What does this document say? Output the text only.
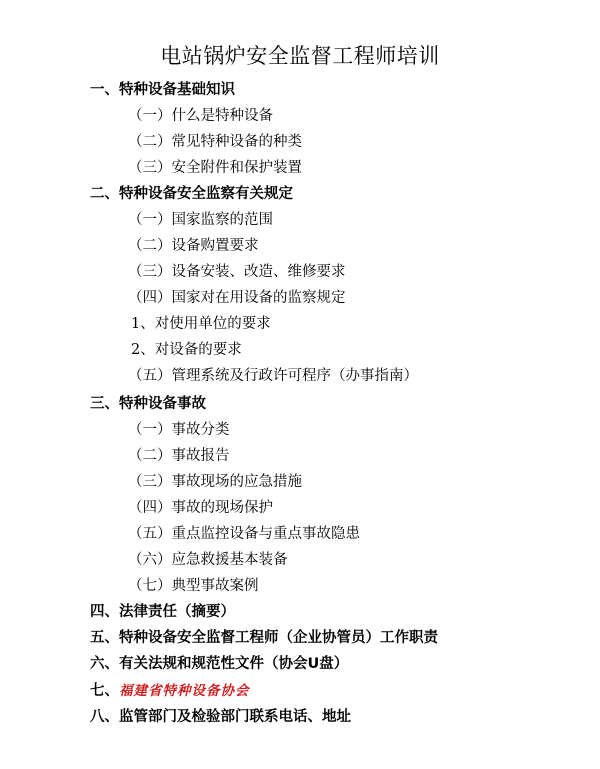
电站锅炉安全监督工程师培训
一、特种设备基础知识
（一）什么是特种设备
（二）常见特种设备的种类
（三）安全附件和保护装置
二、特种设备安全监察有关规定
（一）国家监察的范围
（二）设备购置要求
（三）设备安装、改造、维修要求
（四）国家对在用设备的监察规定
1、对使用单位的要求
2、对设备的要求
（五）管理系统及行政许可程序（办事指南）
三、特种设备事故
（一）事故分类
（二）事故报告
（三）事故现场的应急措施
（四）事故的现场保护
（五）重点监控设备与重点事故隐患
（六）应急救援基本装备
（七）典型事故案例
四、法律责任（摘要）
五、特种设备安全监督工程师（企业协管员）工作职责
六、有关法规和规范性文件（协会U盘）
七、福建省特种设备协会
八、监管部门及检验部门联系电话、地址
